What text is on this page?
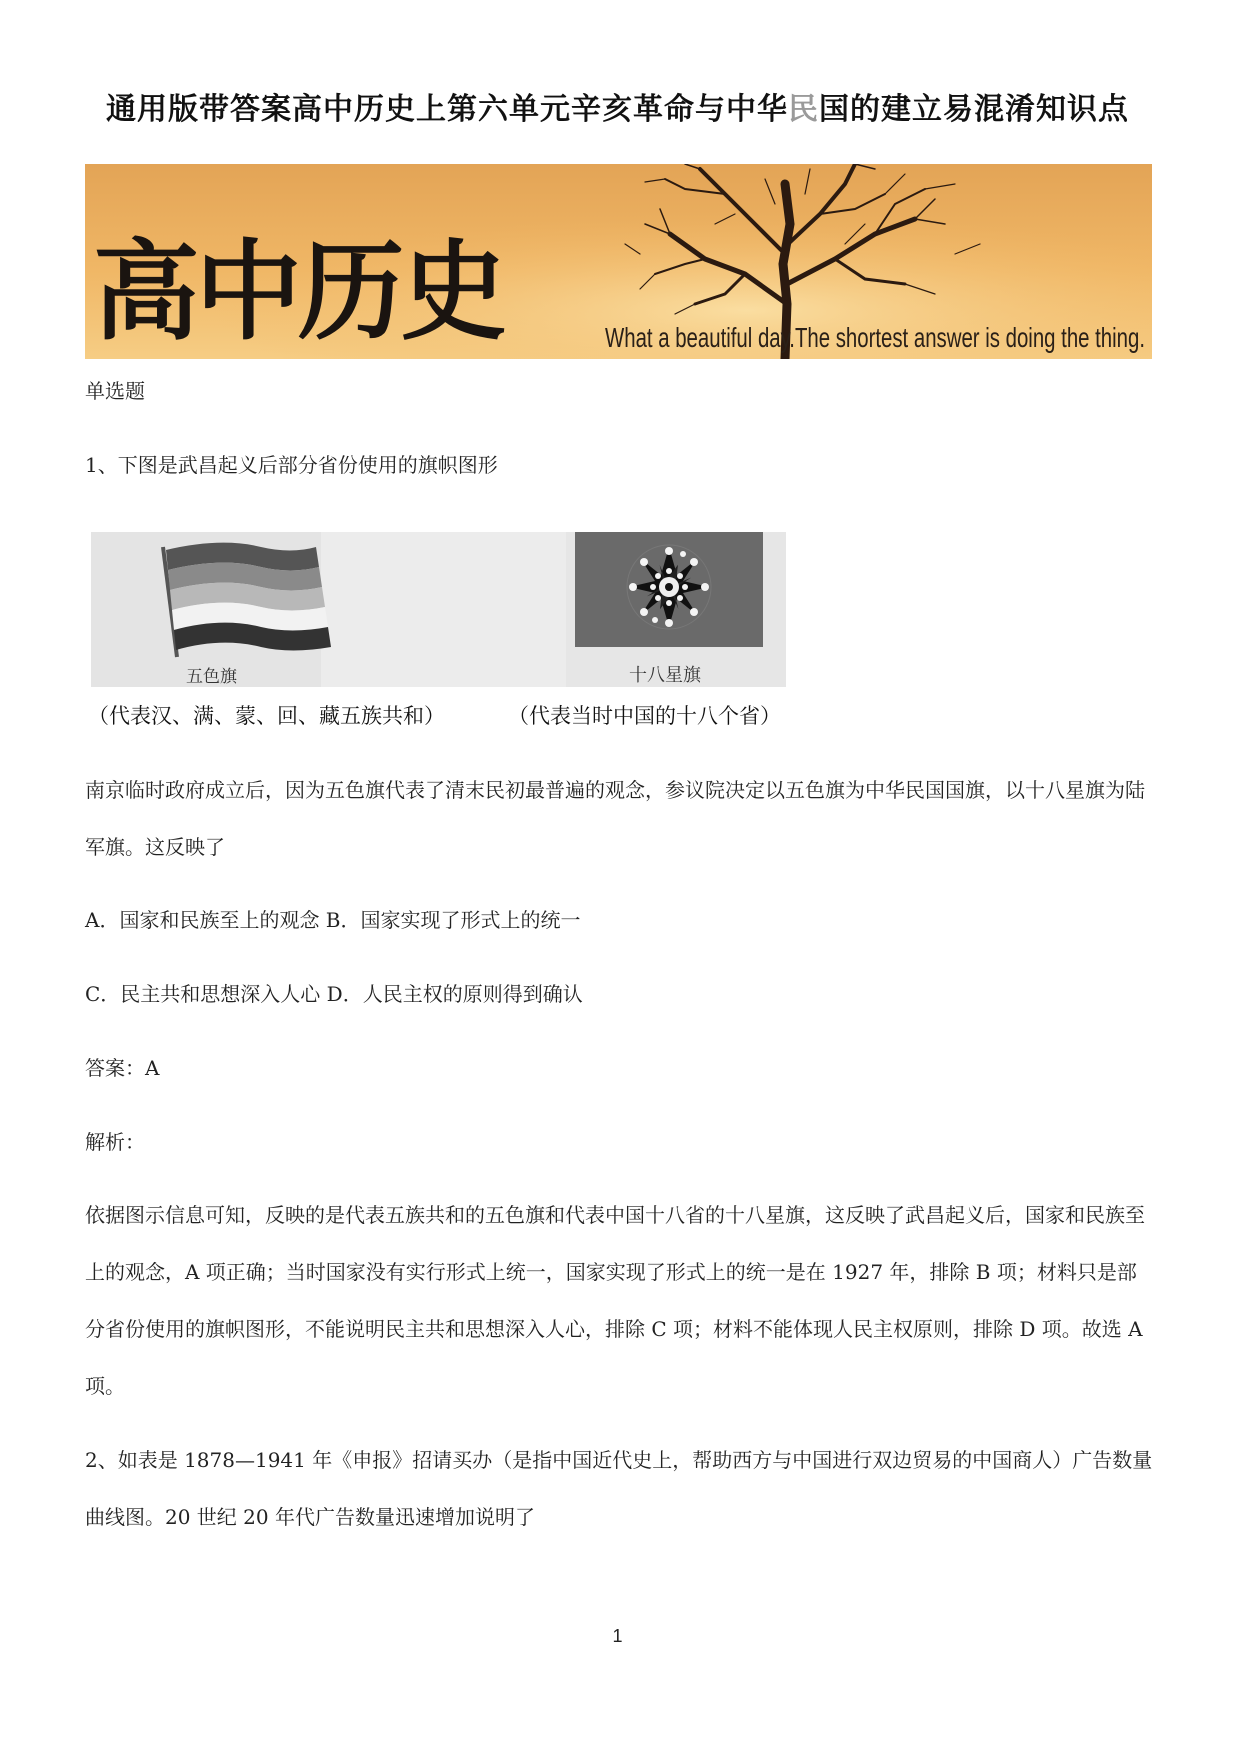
通用版带答案高中历史上第六单元辛亥革命与中华民国的建立易混淆知识点
高中历史	What a beautiful day.The shortest answer is doing the thing.
单选题
1、下图是武昌起义后部分省份使用的旗帜图形
五色旗	十八星旗
（代表汉、满、蒙、回、藏五族共和）	（代表当时中国的十八个省）
南京临时政府成立后，因为五色旗代表了清末民初最普遍的观念，参议院决定以五色旗为中华民国国旗，以十八星旗为陆军旗。这反映了
A．国家和民族至上的观念 B．国家实现了形式上的统一
C．民主共和思想深入人心 D．人民主权的原则得到确认
答案：A
解析：
依据图示信息可知，反映的是代表五族共和的五色旗和代表中国十八省的十八星旗，这反映了武昌起义后，国家和民族至上的观念，A 项正确；当时国家没有实行形式上统一，国家实现了形式上的统一是在 1927 年，排除 B 项；材料只是部分省份使用的旗帜图形，不能说明民主共和思想深入人心，排除 C 项；材料不能体现人民主权原则，排除 D 项。故选 A 项。
2、如表是 1878—1941 年《申报》招请买办（是指中国近代史上，帮助西方与中国进行双边贸易的中国商人）广告数量曲线图。20 世纪 20 年代广告数量迅速增加说明了
1
